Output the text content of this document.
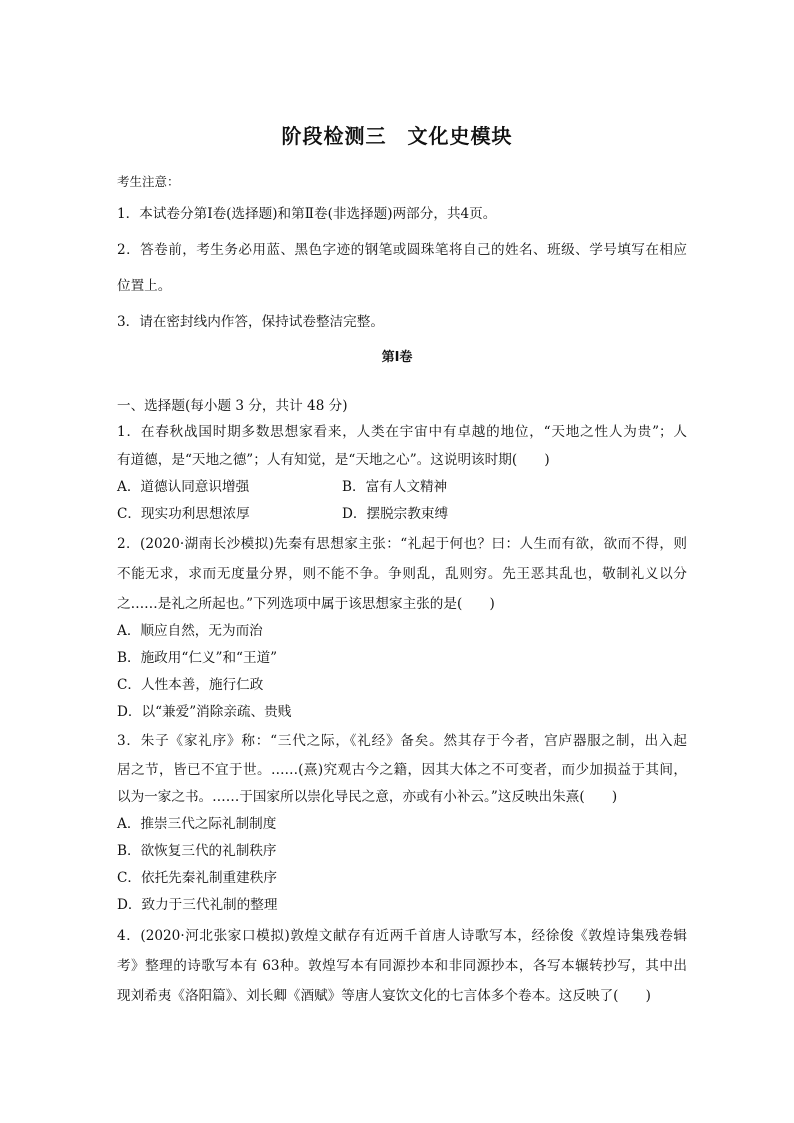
阶段检测三　文化史模块
考生注意：
1．本试卷分第Ⅰ卷(选择题)和第Ⅱ卷(非选择题)两部分，共4页。
2．答卷前，考生务必用蓝、黑色字迹的钢笔或圆珠笔将自己的姓名、班级、学号填写在相应
位置上。
3．请在密封线内作答，保持试卷整洁完整。
第Ⅰ卷
一、选择题(每小题 3 分，共计 48 分)
1．在春秋战国时期多数思想家看来，人类在宇宙中有卓越的地位，“天地之性人为贵”；人
有道德，是“天地之德”；人有知觉，是“天地之心”。这说明该时期(　　)
A．道德认同意识增强	B．富有人文精神
C．现实功利思想浓厚	D．摆脱宗教束缚
2．(2020·湖南长沙模拟)先秦有思想家主张：“礼起于何也？曰：人生而有欲，欲而不得，则
不能无求，求而无度量分界，则不能不争。争则乱，乱则穷。先王恶其乱也，敬制礼义以分
之……是礼之所起也。”下列选项中属于该思想家主张的是(　　)
A．顺应自然，无为而治
B．施政用“仁义”和“王道”
C．人性本善，施行仁政
D．以“兼爱”消除亲疏、贵贱
3．朱子《家礼序》称：“三代之际，《礼经》备矣。然其存于今者，宫庐器服之制，出入起
居之节，皆已不宜于世。……(熹)究观古今之籍，因其大体之不可变者，而少加损益于其间，
以为一家之书。……于国家所以崇化导民之意，亦或有小补云。”这反映出朱熹(　　)
A．推崇三代之际礼制制度
B．欲恢复三代的礼制秩序
C．依托先秦礼制重建秩序
D．致力于三代礼制的整理
4．(2020·河北张家口模拟)敦煌文献存有近两千首唐人诗歌写本，经徐俊《敦煌诗集残卷辑
考》整理的诗歌写本有 63种。敦煌写本有同源抄本和非同源抄本，各写本辗转抄写，其中出
现刘希夷《洛阳篇》、刘长卿《酒赋》等唐人宴饮文化的七言体多个卷本。这反映了(　　)
